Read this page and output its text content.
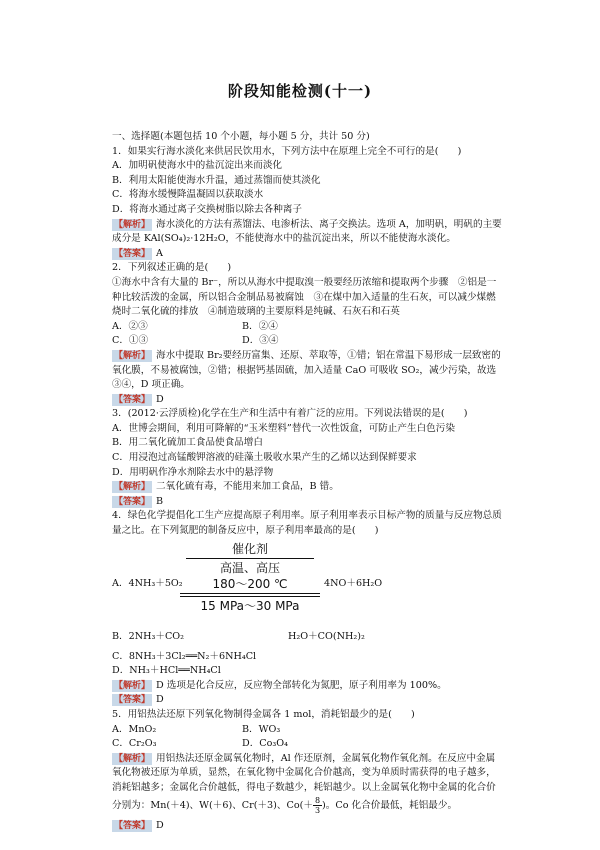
阶段知能检测(十一)

一、选择题(本题包括 10 个小题，每小题 5 分，共计 50 分)

1．如果实行海水淡化来供居民饮用水，下列方法中在原理上完全不可行的是(　　)

A．加明矾使海水中的盐沉淀出来而淡化

B．利用太阳能使海水升温，通过蒸馏而使其淡化

C．将海水缓慢降温凝固以获取淡水

D．将海水通过离子交换树脂以除去各种离子

【解析】 海水淡化的方法有蒸馏法、电渗析法、离子交换法。选项 A，加明矾，明矾的主要成分是 KAl(SO₄)₂·12H₂O，不能使海水中的盐沉淀出来，所以不能使海水淡化。

【答案】 A

2．下列叙述正确的是(　　)

①海水中含有大量的 Br⁻，所以从海水中提取溴一般要经历浓缩和提取两个步骤　②铝是一种比较活泼的金属，所以铝合金制品易被腐蚀　③在煤中加入适量的生石灰，可以减少煤燃烧时二氧化硫的排放　④制造玻璃的主要原料是纯碱、石灰石和石英

A．②③	B．②④
C．①③	D．③④

【解析】 海水中提取 Br₂要经历富集、还原、萃取等，①错；铝在常温下易形成一层致密的氧化膜，不易被腐蚀，②错；根据钙基固硫，加入适量 CaO 可吸收 SO₂，减少污染，故选③④，D 项正确。

【答案】 D

3．(2012·云浮质检)化学在生产和生活中有着广泛的应用。下列说法错误的是(　　)

A．世博会期间，利用可降解的“玉米塑料”替代一次性饭盒，可防止产生白色污染

B．用二氧化硫加工食品使食品增白

C．用浸泡过高锰酸钾溶液的硅藻土吸收水果产生的乙烯以达到保鲜要求

D．用明矾作净水剂除去水中的悬浮物

【解析】 二氧化硫有毒，不能用来加工食品，B 错。

【答案】 B

4．绿色化学提倡化工生产应提高原子利用率。原子利用率表示目标产物的质量与反应物总质量之比。在下列氮肥的制备反应中，原子利用率最高的是(　　)

催化剂
高温、高压
180～200 ℃
15 MPa～30 MPa
A．4NH₃＋5O₂	4NO＋6H₂O
B．2NH₃＋CO₂	H₂O＋CO(NH₂)₂

C．8NH₃＋3Cl₂══N₂＋6NH₄Cl

D．NH₃＋HCl══NH₄Cl

【解析】 D 选项是化合反应，反应物全部转化为氮肥，原子利用率为 100%。

【答案】 D

5．用铝热法还原下列氧化物制得金属各 1 mol，消耗铝最少的是(　　)

A．MnO₂	B．WO₃
C．Cr₂O₃	D．Co₃O₄

【解析】 用铝热法还原金属氧化物时，Al 作还原剂，金属氧化物作氧化剂。在反应中金属氧化物被还原为单质，显然，在氧化物中金属化合价越高，变为单质时需获得的电子越多，消耗铝越多；金属化合价越低，得电子数越少，耗铝越少。以上金属氧化物中金属的化合价分别为：Mn(＋4)、W(＋6)、Cr(＋3)、$Co(+ \frac{8}{3}$ )。Co 化合价最低，耗铝最少。

【答案】 D
